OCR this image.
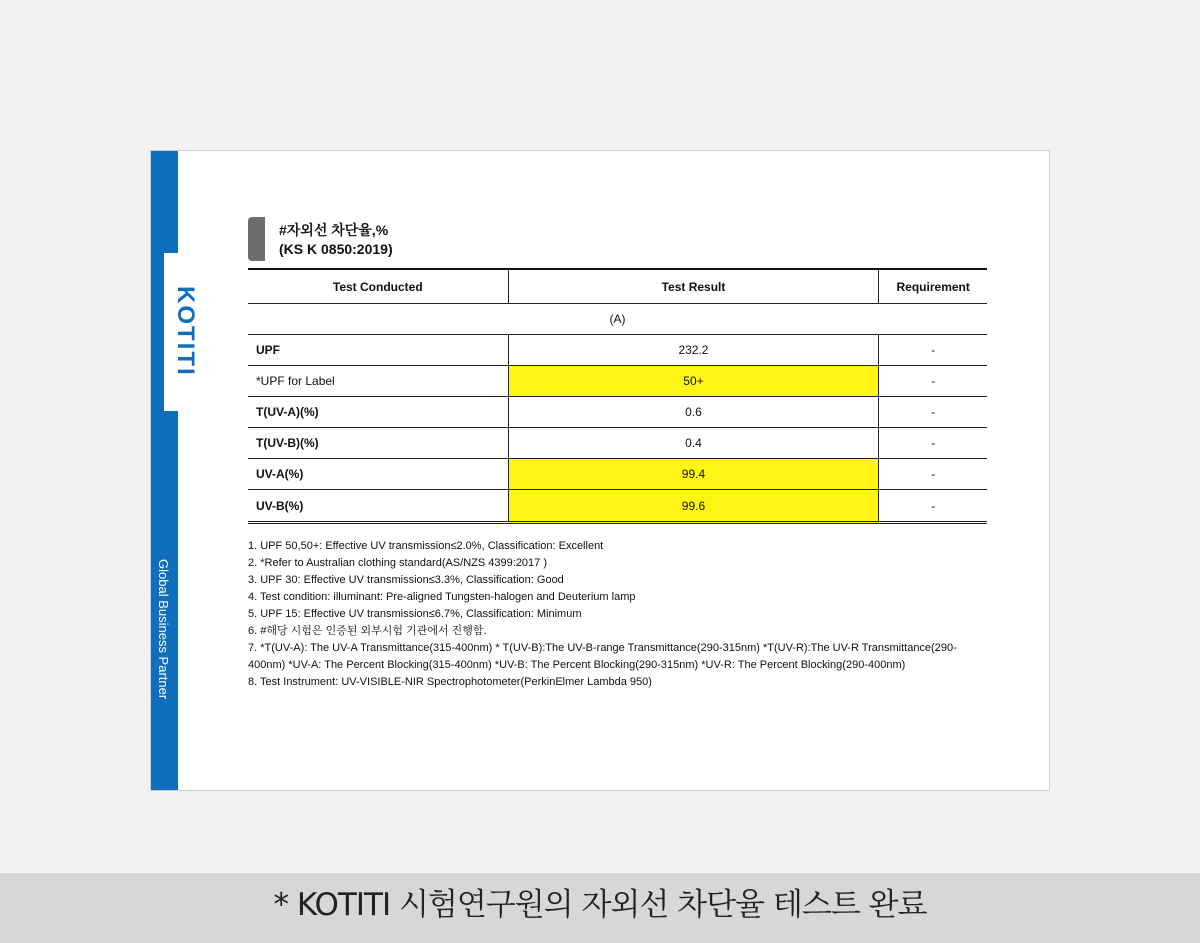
KOTITI
Global Business Partner
#자외선 차단율,%
(KS K 0850:2019)
Test Conducted	Test Result	Requirement
(A)		
UPF	232.2	-
*UPF for Label	50+	-
T(UV-A)(%)	0.6	-
T(UV-B)(%)	0.4	-
UV-A(%)	99.4	-
UV-B(%)	99.6	-
1. UPF 50,50+: Effective UV transmission≤2.0%, Classification: Excellent
2. *Refer to Australian clothing standard(AS/NZS 4399:2017 )
3. UPF 30: Effective UV transmission≤3.3%, Classification: Good
4. Test condition: illuminant: Pre-aligned Tungsten-halogen and Deuterium lamp
5. UPF 15: Effective UV transmission≤6.7%, Classification: Minimum
6. #해당 시험은 인증된 외부시험 기관에서 진행함.
7. *T(UV-A): The UV-A Transmittance(315-400nm) * T(UV-B):The UV-B-range Transmittance(290-315nm) *T(UV-R):The UV-R Transmittance(290-400nm) *UV-A: The Percent Blocking(315-400nm) *UV-B: The Percent Blocking(290-315nm) *UV-R: The Percent Blocking(290-400nm)
8. Test Instrument: UV-VISIBLE-NIR Spectrophotometer(PerkinElmer Lambda 950)
* KOTITI 시험연구원의 자외선 차단율 테스트 완료
